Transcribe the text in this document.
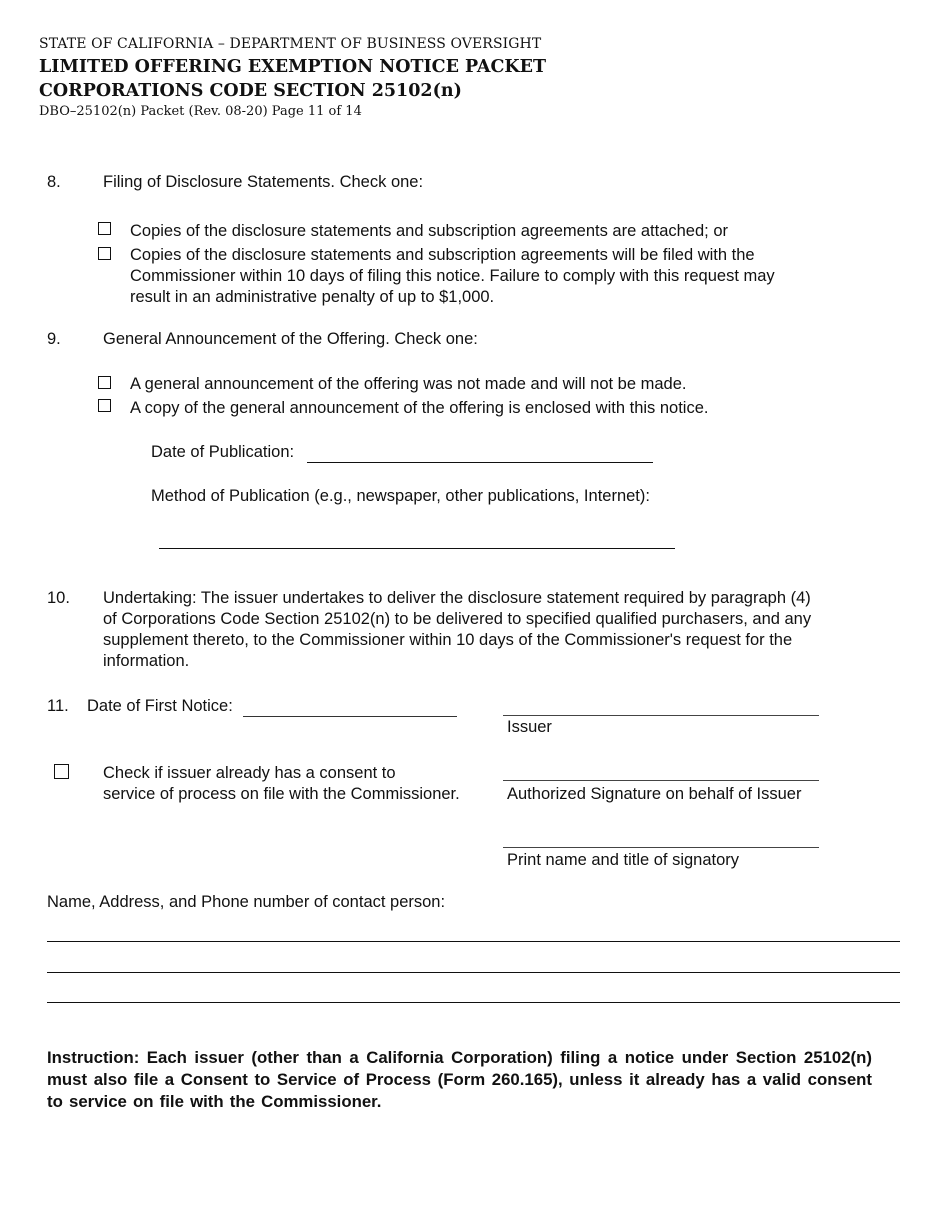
STATE OF CALIFORNIA – DEPARTMENT OF BUSINESS OVERSIGHT
LIMITED OFFERING EXEMPTION NOTICE PACKET
CORPORATIONS CODE SECTION 25102(n)
DBO–25102(n) Packet (Rev. 08-20) Page 11 of 14
8.	Filing of Disclosure Statements. Check one:
Copies of the disclosure statements and subscription agreements are attached; or
Copies of the disclosure statements and subscription agreements will be filed with the
Commissioner within 10 days of filing this notice. Failure to comply with this request may
result in an administrative penalty of up to $1,000.
9.	General Announcement of the Offering. Check one:
A general announcement of the offering was not made and will not be made.
A copy of the general announcement of the offering is enclosed with this notice.
Date of Publication:
Method of Publication (e.g., newspaper, other publications, Internet):
10. Undertaking: The issuer undertakes to deliver the disclosure statement required by paragraph (4)
of Corporations Code Section 25102(n) to be delivered to specified qualified purchasers, and any
supplement thereto, to the Commissioner within 10 days of the Commissioner's request for the
information.
11. Date of First Notice:
Issuer
Check if issuer already has a consent to
service of process on file with the Commissioner.	Authorized Signature on behalf of Issuer
Print name and title of signatory
Name, Address, and Phone number of contact person:
Instruction: Each issuer (other than a California Corporation) filing a notice under Section 25102(n) must also file a Consent to Service of Process (Form 260.165), unless it already has a valid consent to service on file with the Commissioner.
